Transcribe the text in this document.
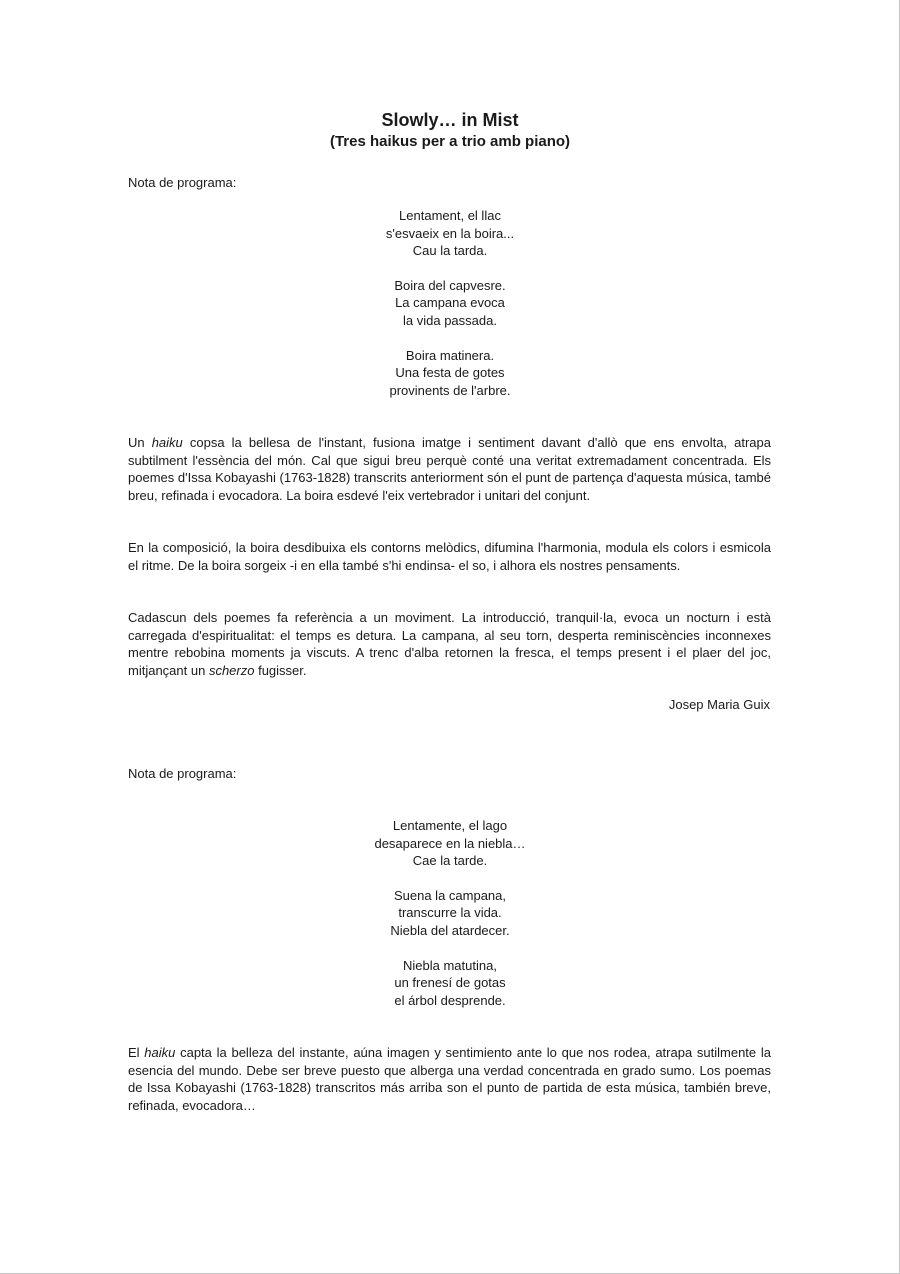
Slowly… in Mist
(Tres haikus per a trio amb piano)
Nota de programa:
Lentament, el llac
s'esvaeix en la boira...
Cau la tarda.
Boira del capvesre.
La campana evoca
la vida passada.
Boira matinera.
Una festa de gotes
provinents de l'arbre.

Un haiku copsa la bellesa de l'instant, fusiona imatge i sentiment davant d'allò que ens envolta, atrapa subtilment l'essència del món. Cal que sigui breu perquè conté una veritat extremadament concentrada. Els poemes d'Issa Kobayashi (1763-1828) transcrits anteriorment són el punt de partença d'aquesta música, també breu, refinada i evocadora. La boira esdevé l'eix vertebrador i unitari del conjunt.

En la composició, la boira desdibuixa els contorns melòdics, difumina l'harmonia, modula els colors i esmicola el ritme. De la boira sorgeix -i en ella també s'hi endinsa- el so, i alhora els nostres pensaments.

Cadascun dels poemes fa referència a un moviment. La introducció, tranquil·la, evoca un nocturn i està carregada d'espiritualitat: el temps es detura. La campana, al seu torn, desperta reminiscències inconnexes mentre rebobina moments ja viscuts. A trenc d'alba retornen la fresca, el temps present i el plaer del joc, mitjançant un scherzo fugisser.

Josep Maria Guix
Nota de programa:
Lentamente, el lago
desaparece en la niebla…
Cae la tarde.
Suena la campana,
transcurre la vida.
Niebla del atardecer.
Niebla matutina,
un frenesí de gotas
el árbol desprende.

El haiku capta la belleza del instante, aúna imagen y sentimiento ante lo que nos rodea, atrapa sutilmente la esencia del mundo. Debe ser breve puesto que alberga una verdad concentrada en grado sumo. Los poemas de Issa Kobayashi (1763-1828) transcritos más arriba son el punto de partida de esta música, también breve, refinada, evocadora…
